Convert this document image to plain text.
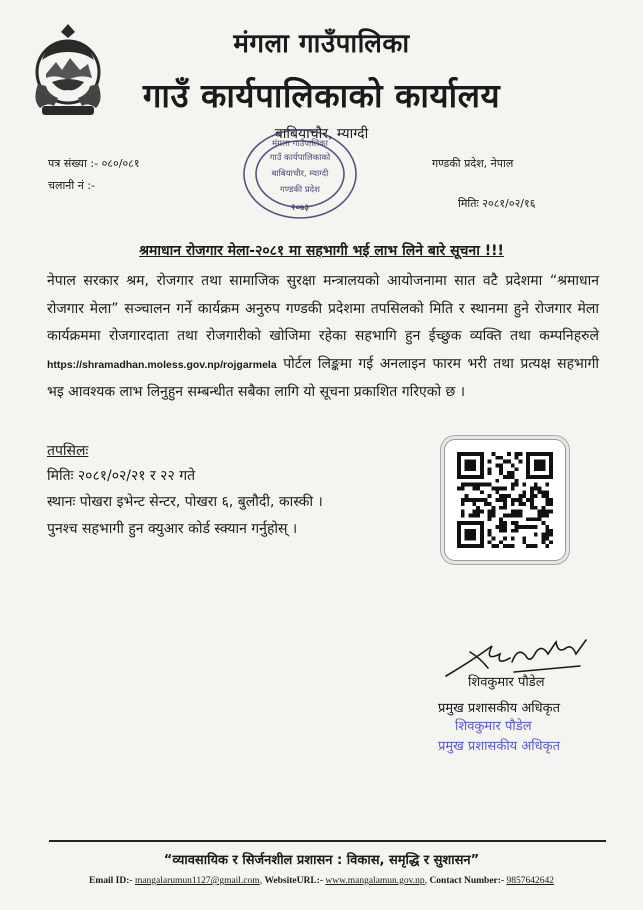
मंगला गाउँपालिका
गाउँ कार्यपालिकाको कार्यालय
बाबियाचौर, म्याग्दी
मंगला गाउँपालिका
गाउँ कार्यपालिकाको
बाबियाचौर, म्याग्दी
गण्डकी प्रदेश
२०७३
पत्र संख्या :- ०८०/०८१
चलानी नं :-
गण्डकी प्रदेश, नेपाल
मितिः २०८१/०२/१६
श्रमाधान रोजगार मेला-२०८१ मा सहभागी भई लाभ लिने बारे सूचना !!!
नेपाल सरकार श्रम, रोजगार तथा सामाजिक सुरक्षा मन्त्रालयको आयोजनामा सात वटै प्रदेशमा “श्रमाधान रोजगार मेला” सञ्चालन गर्ने कार्यक्रम अनुरुप गण्डकी प्रदेशमा तपसिलको मिति र स्थानमा हुने रोजगार मेला कार्यक्रममा रोजगारदाता तथा रोजगारीको खोजिमा रहेका सहभागि हुन ईच्छुक व्यक्ति तथा कम्पनिहरुले https://shramadhan.moless.gov.np/rojgarmela पोर्टल लिङ्कमा गई अनलाइन फारम भरी तथा प्रत्यक्ष सहभागी भइ आवश्यक लाभ लिनुहुन सम्बन्धीत सबैका लागि यो सूचना प्रकाशित गरिएको छ ।
तपसिलः
मितिः २०८१/०२/२१ र २२ गते
स्थानः पोखरा इभेन्ट सेन्टर, पोखरा ६, बुलौदी, कास्की ।
पुनश्च सहभागी हुन क्युआर कोर्ड स्क्यान गर्नुहोस् ।
शिवकुमार पौडेल
प्रमुख प्रशासकीय अधिकृत
शिवकुमार पौडेल
प्रमुख प्रशासकीय अधिकृत
“व्यावसायिक र सिर्जनशील प्रशासन : विकास, समृद्धि र सुशासन”
Email ID:- mangalarumun1127@gmail.com, WebsiteURL:- www.mangalamun.gov.np, Contact Number:- 9857642642
